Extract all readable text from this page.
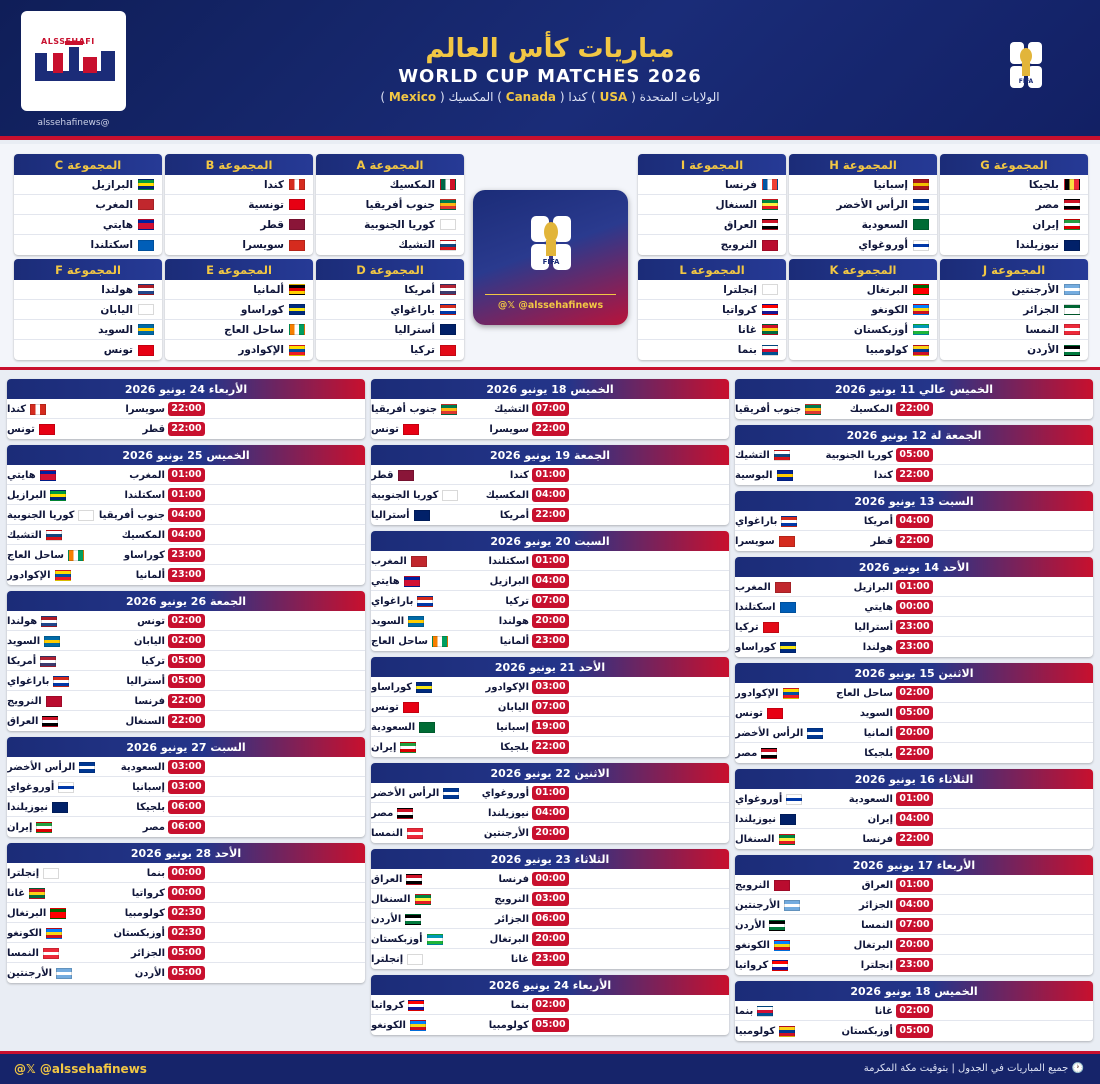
ALSSEHAFI
alssehafinews@
مباريات كأس العالم
WORLD CUP MATCHES 2026
الولايات المتحدة ( USA ) كندا ( Canada ) المكسيك ( Mexico )
FIFA
المجموعة
A
المكسيك
جنوب أفريقيا
كوريا الجنوبية
التشيك
المجموعة
B
كندا
تونسية
قطر
سويسرا
المجموعة
C
البرازيل
المغرب
هايتي
اسكتلندا
المجموعة
D
أمريكا
باراغواي
أستراليا
تركيا
المجموعة
E
ألمانيا
كوراساو
ساحل العاج
الإكوادور
المجموعة
F
هولندا
اليابان
السويد
تونس
المجموعة
G
بلجيكا
مصر
إيران
نيوزيلندا
المجموعة
H
إسبانيا
الرأس الأخضر
السعودية
أوروغواي
المجموعة
I
فرنسا
السنغال
العراق
النرويج
المجموعة
J
الأرجنتين
الجزائر
النمسا
الأردن
المجموعة
K
البرتغال
الكونغو
أوزبكستان
كولومبيا
المجموعة
L
إنجلترا
كرواتيا
غانا
بنما
FIFA
@𝕏 @alssehafinews
الخميس عالي 11 يونيو 2026
المكسيك 22:00
جنوب أفريقيا
الجمعة لة 12 يونيو 2026
كوريا الجنوبية 05:00
التشيك
كندا 22:00
البوسية
السبت 13 يونيو 2026
أمريكا 04:00
باراغواي
قطر 22:00
سويسرا
الأحد 14 يونيو 2026
البرازيل 01:00
المغرب
هايتي 00:00
اسكتلندا
أستراليا 23:00
تركيا
هولندا 23:00
كوراساو
الاثنين 15 يونيو 2026
ساحل العاج 02:00
الإكوادور
السويد 05:00
تونس
ألمانيا 20:00
الرأس الأخضر
بلجيكا 22:00
مصر
الثلاثاء 16 يونيو 2026
السعودية 01:00
أوروغواي
إيران 04:00
نيوزيلندا
فرنسا 22:00
السنغال
الأربعاء 17 يونيو 2026
العراق 01:00
النرويج
الجزائر 04:00
الأرجنتين
النمسا 07:00
الأردن
البرتغال 20:00
الكونغو
إنجلترا 23:00
كرواتيا
الخميس 18 يونيو 2026
غانا 02:00
بنما
أوزبكستان 05:00
كولومبيا
الخميس 18 يونيو 2026
التشيك 07:00
جنوب أفريقيا
سويسرا 22:00
تونس
الجمعة 19 يونيو 2026
كندا 01:00
قطر
المكسيك 04:00
كوريا الجنوبية
أمريكا 22:00
أستراليا
السبت 20 يونيو 2026
اسكتلندا 01:00
المغرب
البرازيل 04:00
هايتي
تركيا 07:00
باراغواي
هولندا 20:00
السويد
ألمانيا 23:00
ساحل العاج
الأحد 21 يونيو 2026
الإكوادور 03:00
كوراساو
اليابان 07:00
تونس
إسبانيا 19:00
السعودية
بلجيكا 22:00
إيران
الاثنين 22 يونيو 2026
أوروغواي 01:00
الرأس الأخضر
نيوزيلندا 04:00
مصر
الأرجنتين 20:00
النمسا
الثلاثاء 23 يونيو 2026
فرنسا 00:00
العراق
النرويج 03:00
السنغال
الجزائر 06:00
الأردن
البرتغال 20:00
أوزبكستان
غانا 23:00
إنجلترا
الأربعاء 24 يونيو 2026
بنما 02:00
كرواتيا
كولومبيا 05:00
الكونغو
الأربعاء 24 يونيو 2026
سويسرا 22:00
كندا
قطر 22:00
تونس
الخميس 25 يونيو 2026
المغرب 01:00
هايتي
اسكتلندا 01:00
البرازيل
جنوب أفريقيا 04:00
كوريا الجنوبية
المكسيك 04:00
التشيك
كوراساو 23:00
ساحل العاج
ألمانيا 23:00
الإكوادور
الجمعة 26 يونيو 2026
تونس 02:00
هولندا
اليابان 02:00
السويد
تركيا 05:00
أمريكا
أستراليا 05:00
باراغواي
فرنسا 22:00
النرويج
السنغال 22:00
العراق
السبت 27 يونيو 2026
السعودية 03:00
الرأس الأخضر
إسبانيا 03:00
أوروغواي
بلجيكا 06:00
نيوزيلندا
مصر 06:00
إيران
الأحد 28 يونيو 2026
بنما 00:00
إنجلترا
كرواتيا 00:00
غانا
كولومبيا 02:30
البرتغال
أوزبكستان 02:30
الكونغو
الجزائر 05:00
النمسا
الأردن 05:00
الأرجنتين
@𝕏 @alssehafinews	🕐 جميع المباريات في الجدول | بتوقيت مكة المكرمة
